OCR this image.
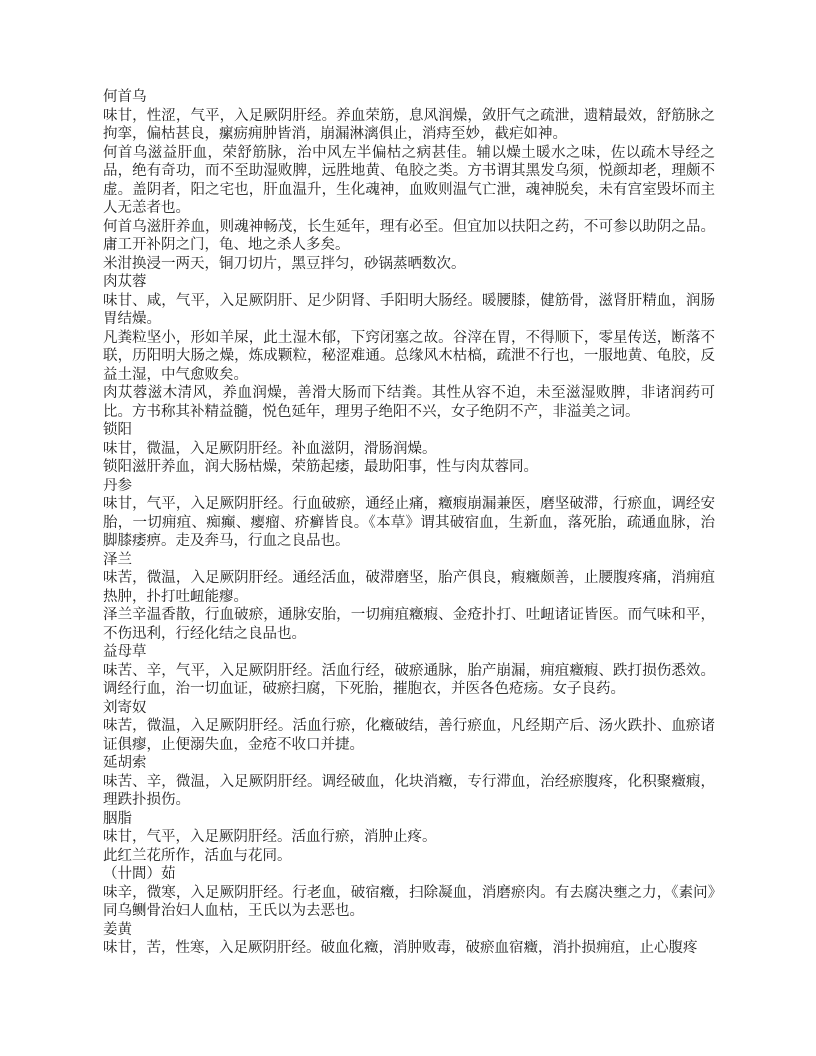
何首乌

味甘，性涩，气平，入足厥阴肝经。养血荣筋，息风润燥，敛肝气之疏泄，遗精最效，舒筋脉之拘挛，偏枯甚良，瘰疬痈肿皆消，崩漏淋漓俱止，消痔至妙，截疟如神。

何首乌滋益肝血，荣舒筋脉，治中风左半偏枯之病甚佳。辅以燥土暖水之味，佐以疏木导经之品，绝有奇功，而不至助湿败脾，远胜地黄、龟胶之类。方书谓其黑发乌须，悦颜却老，理颇不虚。盖阴者，阳之宅也，肝血温升，生化魂神，血败则温气亡泄，魂神脱矣，未有宫室毁坏而主人无恙者也。

何首乌滋肝养血，则魂神畅茂，长生延年，理有必至。但宜加以扶阳之药，不可参以助阴之品。庸工开补阴之门，龟、地之杀人多矣。

米泔换浸一两天，铜刀切片，黑豆拌匀，砂锅蒸晒数次。

肉苁蓉

味甘、咸，气平，入足厥阴肝、足少阴肾、手阳明大肠经。暖腰膝，健筋骨，滋肾肝精血，润肠胃结燥。

凡粪粒坚小，形如羊屎，此土湿木郁，下窍闭塞之故。谷滓在胃，不得顺下，零星传送，断落不联，历阳明大肠之燥，炼成颗粒，秘涩难通。总缘风木枯槁，疏泄不行也，一服地黄、龟胶，反益土湿，中气愈败矣。

肉苁蓉滋木清风，养血润燥，善滑大肠而下结粪。其性从容不迫，未至滋湿败脾，非诸润药可比。方书称其补精益髓，悦色延年，理男子绝阳不兴，女子绝阴不产，非溢美之词。

锁阳

味甘，微温，入足厥阴肝经。补血滋阴，滑肠润燥。

锁阳滋肝养血，润大肠枯燥，荣筋起痿，最助阳事，性与肉苁蓉同。

丹参

味甘，气平，入足厥阴肝经。行血破瘀，通经止痛，癥瘕崩漏兼医，磨坚破滞，行瘀血，调经安胎，一切痈疽、痴癫、瘿瘤、疥癣皆良。《本草》谓其破宿血，生新血，落死胎，疏通血脉，治脚膝痿痹。走及奔马，行血之良品也。

泽兰

味苦，微温，入足厥阴肝经。通经活血，破滞磨坚，胎产俱良，瘕癥颇善，止腰腹疼痛，消痈疽热肿，扑打吐衄能瘳。

泽兰辛温香散，行血破瘀，通脉安胎，一切痈疽癥瘕、金疮扑打、吐衄诸证皆医。而气味和平，不伤迅利，行经化结之良品也。

益母草

味苦、辛，气平，入足厥阴肝经。活血行经，破瘀通脉，胎产崩漏，痈疽癥瘕、跌打损伤悉效。调经行血，治一切血证，破瘀扫腐，下死胎，摧胞衣，并医各色疮疡。女子良药。

刘寄奴

味苦，微温，入足厥阴肝经。活血行瘀，化癥破结，善行瘀血，凡经期产后、汤火跌扑、血瘀诸证俱瘳，止便溺失血，金疮不收口并捷。

延胡索

味苦、辛，微温，入足厥阴肝经。调经破血，化块消癥，专行滞血，治经瘀腹疼，化积聚癥瘕，理跌扑损伤。

胭脂

味甘，气平，入足厥阴肝经。活血行瘀，消肿止疼。

此红兰花所作，活血与花同。

（卄閭）茹

味辛，微寒，入足厥阴肝经。行老血，破宿癥，扫除凝血，消磨瘀肉。有去腐决壅之力，《素问》同乌鲗骨治妇人血枯，王氏以为去恶也。

姜黄

味甘，苦，性寒，入足厥阴肝经。破血化癥，消肿败毒，破瘀血宿癥，消扑损痈疽，止心腹疼
